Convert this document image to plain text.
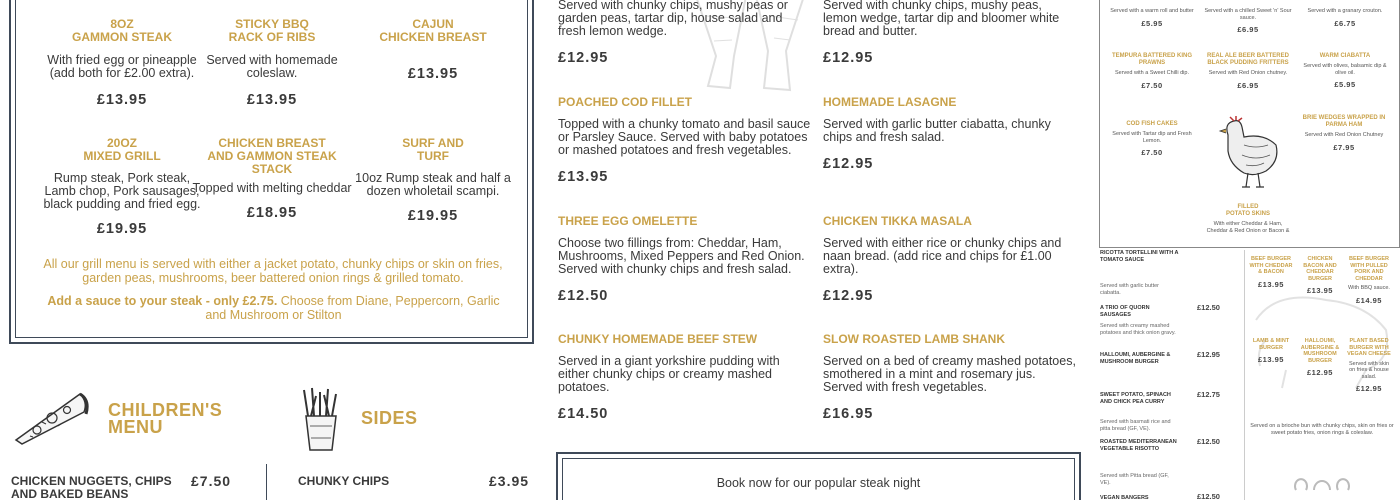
8OZ
GAMMON STEAK
With fried egg or pineapple (add both for £2.00 extra).
£13.95
STICKY BBQ
RACK OF RIBS
Served with homemade coleslaw.
£13.95
CAJUN
CHICKEN BREAST
£13.95
20OZ
MIXED GRILL
Rump steak, Pork steak, Lamb chop, Pork sausages, black pudding and fried egg.
£19.95
CHICKEN BREAST
AND GAMMON STEAK
STACK
Topped with melting cheddar
£18.95
SURF AND
TURF
10oz Rump steak and half a dozen wholetail scampi.
£19.95
All our grill menu is served with either a jacket potato, chunky chips or skin on fries, garden peas, mushrooms, beer battered onion rings & grilled tomato.
Add a sauce to your steak - only £2.75. Choose from Diane, Peppercorn, Garlic and Mushroom or Stilton
CHILDREN'S
MENU
CHICKEN NUGGETS, CHIPS
AND BAKED BEANS
£7.50
SIDES
CHUNKY CHIPS	£3.95
Served with chunky chips, mushy peas or garden peas, tartar dip, house salad and fresh lemon wedge.
£12.95
POACHED COD FILLET
Topped with a chunky tomato and basil sauce or Parsley Sauce. Served with baby potatoes or mashed potatoes and fresh vegetables.
£13.95
THREE EGG OMELETTE
Choose two fillings from: Cheddar, Ham, Mushrooms, Mixed Peppers and Red Onion. Served with chunky chips and fresh salad.
£12.50
CHUNKY HOMEMADE BEEF STEW
Served in a giant yorkshire pudding with either chunky chips or creamy mashed potatoes.
£14.50
Served with chunky chips, mushy peas, lemon wedge, tartar dip and bloomer white bread and butter.
£12.95
HOMEMADE LASAGNE
Served with garlic butter ciabatta, chunky chips and fresh salad.
£12.95
CHICKEN TIKKA MASALA
Served with either rice or chunky chips and naan bread. (add rice and chips for £1.00 extra).
£12.95
SLOW ROASTED LAMB SHANK
Served on a bed of creamy mashed potatoes, smothered in a mint and rosemary jus. Served with fresh vegetables.
£16.95
Book now for our popular steak night
Served with a warm roll and butter
£5.95
Served with a chilled Sweet 'n' Sour sauce.
£6.95
Served with a granary crouton.
£6.75
TEMPURA BATTERED KING PRAWNS
Served with a Sweet Chilli dip.
£7.50
REAL ALE BEER BATTERED BLACK PUDDING FRITTERS
Served with Red Onion chutney.
£6.95
WARM CIABATTA
Served with olives, balsamic dip & olive oil.
£5.95
COD FISH CAKES
Served with Tartar dip and Fresh Lemon.
£7.50
BRIE WEDGES WRAPPED IN PARMA HAM
Served with Red Onion Chutney
£7.95
FILLED
POTATO SKINS
With either Cheddar & Ham, Cheddar & Red Onion or Bacon &
RICOTTA TORTELLINI WITH A TOMATO SAUCE
Served with garlic butter ciabatta.
A TRIO OF QUORN SAUSAGES
£12.50
Served with creamy mashed potatoes and thick onion gravy.
HALLOUMI, AUBERGINE & MUSHROOM BURGER
£12.95
SWEET POTATO, SPINACH AND CHICK PEA CURRY
£12.75
Served with basmati rice and pitta bread (GF, VE).
ROASTED MEDITERRANEAN VEGETABLE RISOTTO
£12.50
Served with Pitta bread (GF, VE).
VEGAN BANGERS	£12.50
BEEF BURGER WITH CHEDDAR & BACON
£13.95
CHICKEN BACON AND CHEDDAR BURGER
£13.95
BEEF BURGER WITH PULLED PORK AND CHEDDAR
With BBQ sauce.
£14.95
LAMB & MINT BURGER
£13.95
HALLOUMI, AUBERGINE & MUSHROOM BURGER
£12.95
PLANT BASED BURGER WITH VEGAN CHEESE
Served with skin on fries & house salad.
£12.95
Served on a brioche bun with chunky chips, skin on fries or sweet potato fries, onion rings & coleslaw.
